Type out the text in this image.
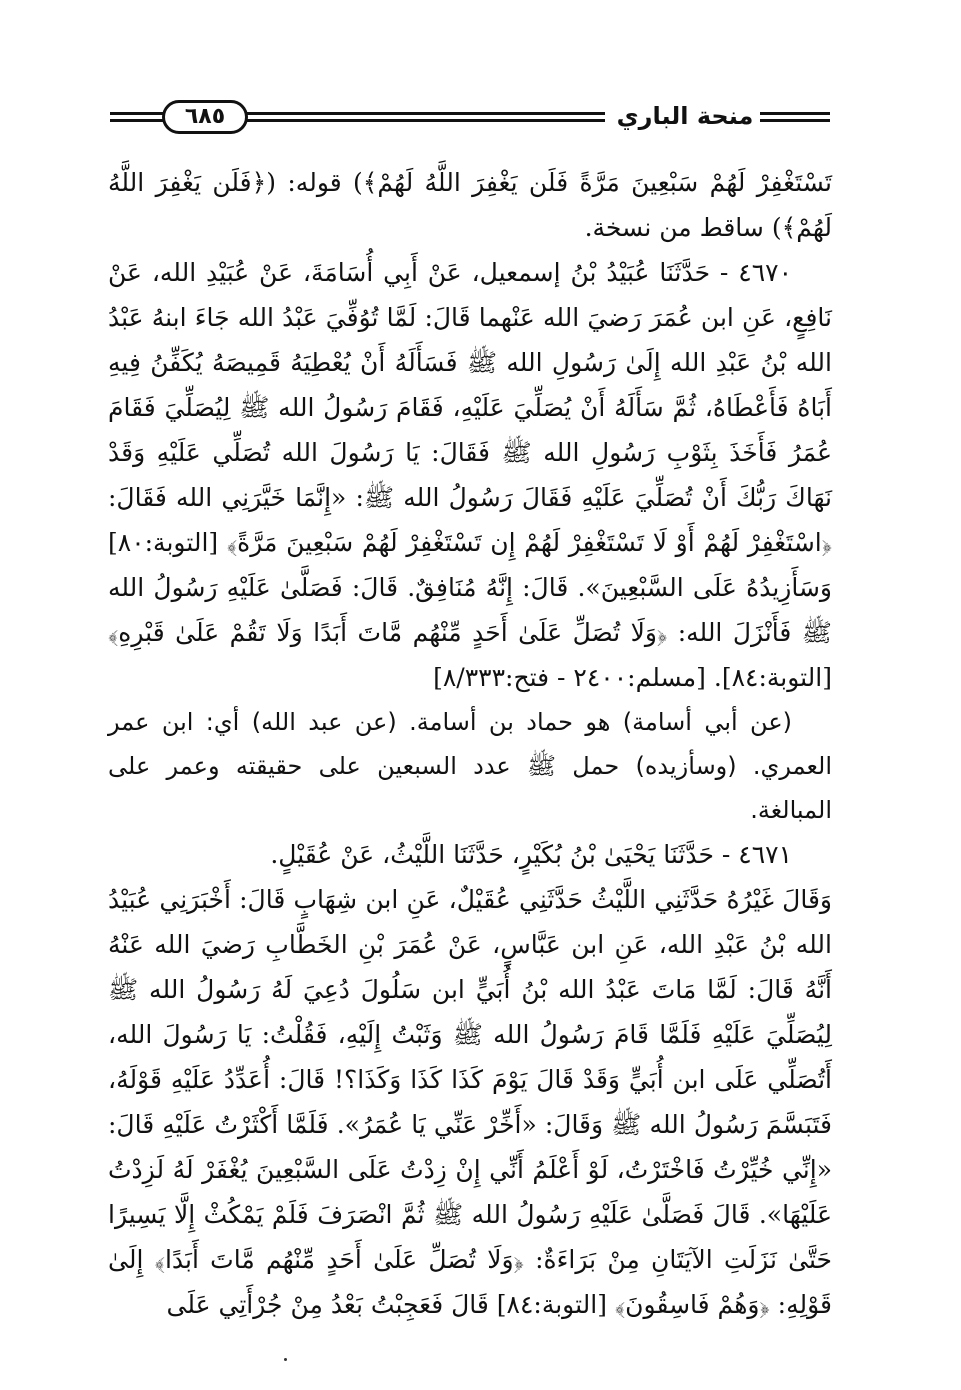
٦٨٥	منحة الباري

تَسْتَغْفِرْ لَهُمْ سَبْعِينَ مَرَّةً فَلَن يَغْفِرَ اللَّهُ لَهُمْ﴾) قوله: (﴿فَلَن يَغْفِرَ اللَّهُ لَهُمْ﴾) ساقط من نسخة.

٤٦٧٠ - حَدَّثَنَا عُبَيْدُ بْنُ إسمعيل، عَنْ أَبِي أُسَامَةَ، عَنْ عُبَيْدِ الله، عَنْ نَافِعٍ، عَنِ ابن عُمَرَ رَضيَ الله عَنْهما قَالَ: لَمَّا تُوُفِّيَ عَبْدُ الله جَاءَ ابنهُ عَبْدُ الله بْنُ عَبْدِ الله إِلَىٰ رَسُولِ الله ﷺ فَسَأَلَهُ أَنْ يُعْطِيَهُ قَمِيصَهُ يُكَفِّنُ فِيهِ أَبَاهُ فَأَعْطَاهُ، ثُمَّ سَأَلَهُ أَنْ يُصَلِّيَ عَلَيْهِ، فَقَامَ رَسُولُ الله ﷺ لِيُصَلِّيَ فَقَامَ عُمَرُ فَأَخَذَ بِثَوْبِ رَسُولِ الله ﷺ فَقَالَ: يَا رَسُولَ الله تُصَلِّي عَلَيْهِ وَقَدْ نَهَاكَ رَبُّكَ أَنْ تُصَلِّيَ عَلَيْهِ فَقَالَ رَسُولُ الله ﷺ: «إِنَّمَا خَيَّرَنِي الله فَقَالَ: ﴿اسْتَغْفِرْ لَهُمْ أَوْ لَا تَسْتَغْفِرْ لَهُمْ إِن تَسْتَغْفِرْ لَهُمْ سَبْعِينَ مَرَّةً﴾ [التوبة:٨٠] وَسَأَزِيدُهُ عَلَى السَّبْعِينَ». قَالَ: إِنَّهُ مُنَافِقٌ. قَالَ: فَصَلَّىٰ عَلَيْهِ رَسُولُ الله ﷺ فَأَنْزَلَ الله: ﴿وَلَا تُصَلِّ عَلَىٰ أَحَدٍ مِّنْهُم مَّاتَ أَبَدًا وَلَا تَقُمْ عَلَىٰ قَبْرِهِ﴾ [التوبة:٨٤]. [مسلم:٢٤٠٠ - فتح:٨/٣٣٣]

(عن أبي أسامة) هو حماد بن أسامة. (عن عبد الله) أي: ابن عمر العمري. (وسأزيده) حمل ﷺ عدد السبعين على حقيقته وعمر على المبالغة.

٤٦٧١ - حَدَّثَنَا يَحْيَىٰ بْنُ بُكَيْرٍ، حَدَّثَنَا اللَّيْثُ، عَنْ عُقَيْلٍ.

وَقَالَ غَيْرُهُ حَدَّثَنِي اللَّيْثُ حَدَّثَنِي عُقَيْلٌ، عَنِ ابن شِهَابٍ قَالَ: أَخْبَرَنِي عُبَيْدُ الله بْنُ عَبْدِ الله، عَنِ ابن عَبَّاسٍ، عَنْ عُمَرَ بْنِ الخَطَّابِ رَضيَ الله عَنْهُ أَنَّهُ قَالَ: لَمَّا مَاتَ عَبْدُ الله بْنُ أُبَيٍّ ابن سَلُولَ دُعِيَ لَهُ رَسُولُ الله ﷺ لِيُصَلِّيَ عَلَيْهِ فَلَمَّا قَامَ رَسُولُ الله ﷺ وَثَبْتُ إِلَيْهِ، فَقُلْتُ: يَا رَسُولَ الله، أَتُصَلِّي عَلَى ابن أُبَيٍّ وَقَدْ قَالَ يَوْمَ كَذَا كَذَا وَكَذَا؟! قَالَ: أُعَدِّدُ عَلَيْهِ قَوْلَهُ، فَتَبَسَّمَ رَسُولُ الله ﷺ وَقَالَ: «أَخِّرْ عَنِّي يَا عُمَرُ». فَلَمَّا أَكْثَرْتُ عَلَيْهِ قَالَ: «إِنِّي خُيِّرْتُ فَاخْتَرْتُ، لَوْ أَعْلَمُ أَنِّي إِنْ زِدْتُ عَلَى السَّبْعِينَ يُغْفَرْ لَهُ لَزِدْتُ عَلَيْهَا». قَالَ فَصَلَّىٰ عَلَيْهِ رَسُولُ الله ﷺ ثُمَّ انْصَرَفَ فَلَمْ يَمْكُثْ إِلَّا يَسِيرًا حَتَّىٰ نَزَلَتِ الآيَتَانِ مِنْ بَرَاءَةٌ: ﴿وَلَا تُصَلِّ عَلَىٰ أَحَدٍ مِّنْهُم مَّاتَ أَبَدًا﴾ إِلَىٰ قَوْلِهِ: ﴿وَهُمْ فَاسِقُونَ﴾ [التوبة:٨٤] قَالَ فَعَجِبْتُ بَعْدُ مِنْ جُرْأَتِي عَلَى
